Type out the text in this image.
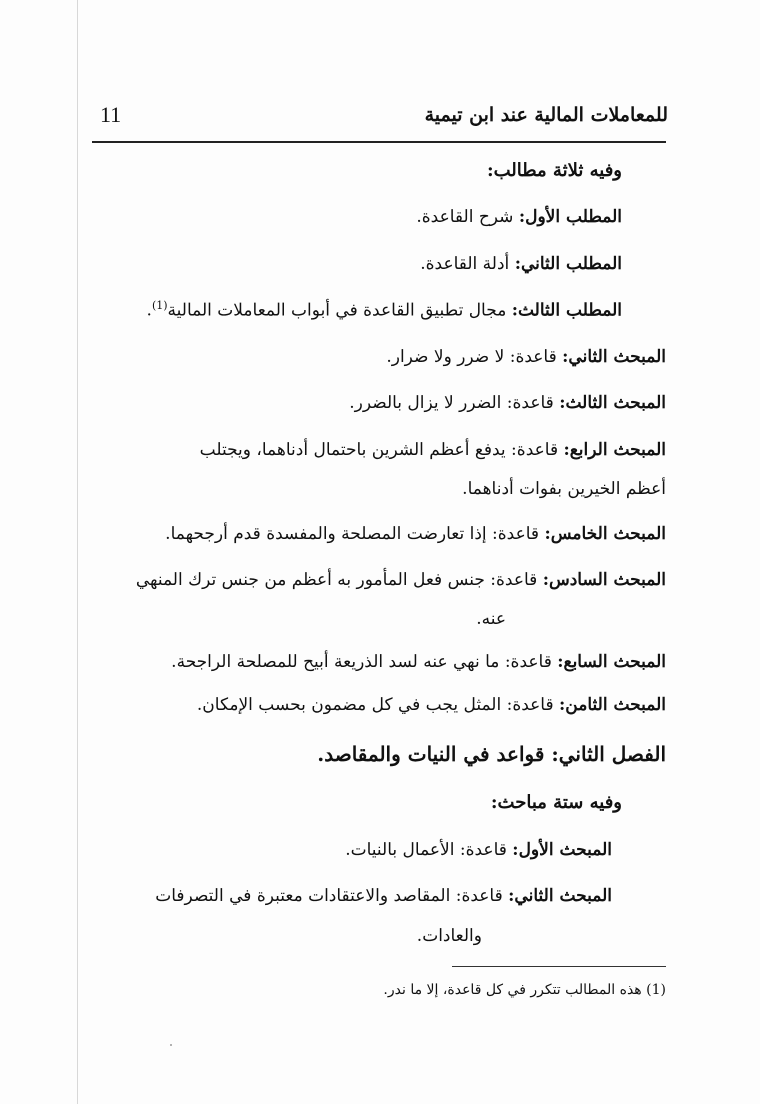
11	للمعاملات المالية عند ابن تيمية
وفيه ثلاثة مطالب:
المطلب الأول: شرح القاعدة.
المطلب الثاني: أدلة القاعدة.
المطلب الثالث: مجال تطبيق القاعدة في أبواب المعاملات المالية$^{(1)}$.
المبحث الثاني: قاعدة: لا ضرر ولا ضرار.
المبحث الثالث: قاعدة: الضرر لا يزال بالضرر.
المبحث الرابع: قاعدة: يدفع أعظم الشرين باحتمال أدناهما، ويجتلب
أعظم الخيرين بفوات أدناهما.
المبحث الخامس: قاعدة: إذا تعارضت المصلحة والمفسدة قدم أرجحهما.
المبحث السادس: قاعدة: جنس فعل المأمور به أعظم من جنس ترك المنهي
عنه.
المبحث السابع: قاعدة: ما نهي عنه لسد الذريعة أبيح للمصلحة الراجحة.
المبحث الثامن: قاعدة: المثل يجب في كل مضمون بحسب الإمكان.
الفصل الثاني: قواعد في النيات والمقاصد.
وفيه ستة مباحث:
المبحث الأول: قاعدة: الأعمال بالنيات.
المبحث الثاني: قاعدة: المقاصد والاعتقادات معتبرة في التصرفات
والعادات.
(1) هذه المطالب تتكرر في كل قاعدة، إلا ما ندر.
